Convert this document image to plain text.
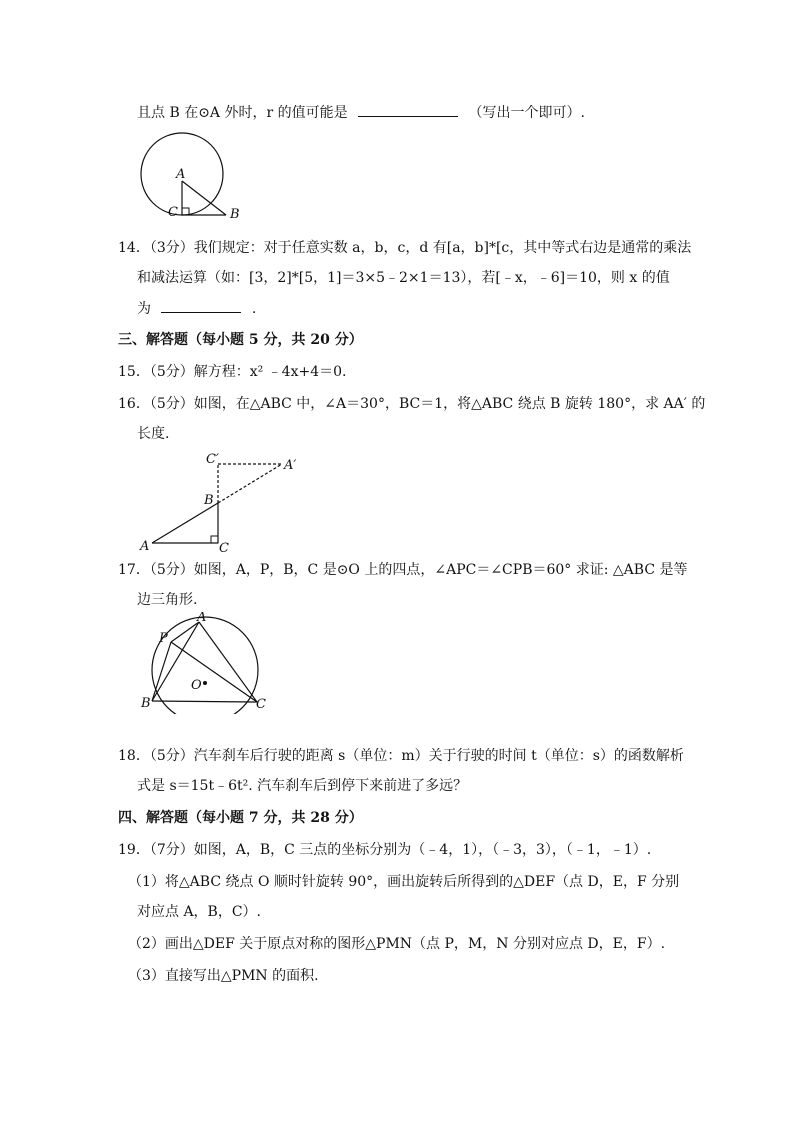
且点 B 在⊙A 外时，r 的值可能是	（写出一个即可）.
A
C	B
14．（3分）我们规定：对于任意实数 a，b，c，d 有[a，b]*[c，其中等式右边是通常的乘法
和减法运算（如：[3，2]*[5，1]＝3×5﹣2×1＝13），若[﹣x，﹣6]＝10，则 x 的值
为	.
三、解答题（每小题 5 分，共 20 分）
15．（5分）解方程：x² ﹣4x+4＝0.
16．（5分）如图，在△ABC 中，∠A＝30°，BC＝1，将△ABC 绕点 B 旋转 180°，求 AA′ 的
长度.
C′	A′
B
A	C
17．（5分）如图，A，P，B，C 是⊙O 上的四点，∠APC＝∠CPB＝60° 求证: △ABC 是等
边三角形.
P
A
O
B	C
18．（5分）汽车刹车后行驶的距离 s（单位：m）关于行驶的时间 t（单位：s）的函数解析
式是 s＝15t﹣6t². 汽车刹车后到停下来前进了多远？
四、解答题（每小题 7 分，共 28 分）
19．（7分）如图，A，B，C 三点的坐标分别为（﹣4，1），（﹣3，3），（﹣1，﹣1）.
（1）将△ABC 绕点 O 顺时针旋转 90°，画出旋转后所得到的△DEF（点 D，E，F 分别
对应点 A，B，C）.
（2）画出△DEF 关于原点对称的图形△PMN（点 P，M，N 分别对应点 D，E，F）.
（3）直接写出△PMN 的面积.
